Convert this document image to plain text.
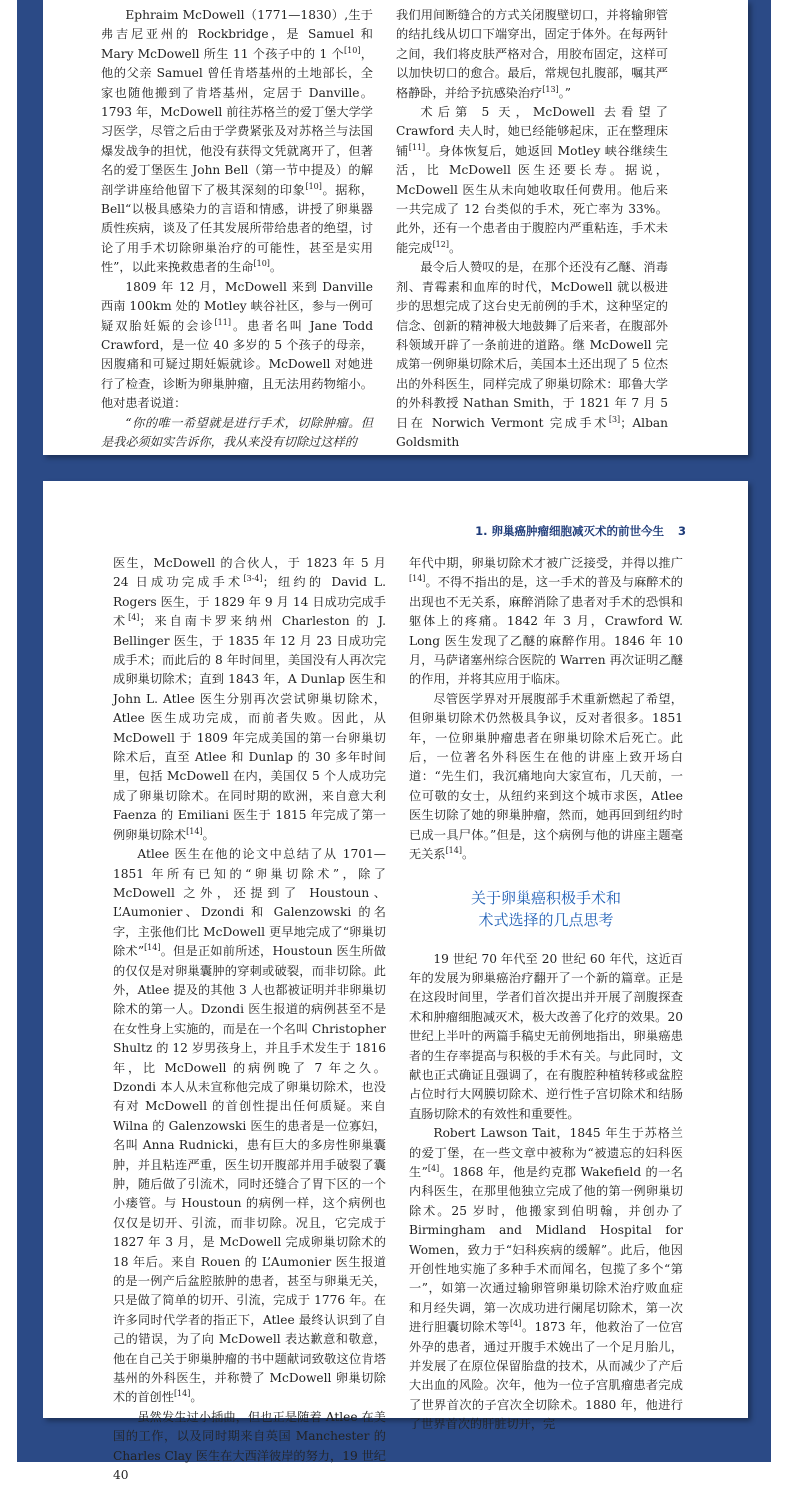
Ephraim McDowell（1771—1830）,生于弗吉尼亚州的 Rockbridge，是 Samuel 和 Mary McDowell 所生 11 个孩子中的 1 个[10]，他的父亲 Samuel 曾任肯塔基州的土地部长，全家也随他搬到了肯塔基州，定居于 Danville。1793 年，McDowell 前往苏格兰的爱丁堡大学学习医学，尽管之后由于学费紧张及对苏格兰与法国爆发战争的担忧，他没有获得文凭就离开了，但著名的爱丁堡医生 John Bell（第一节中提及）的解剖学讲座给他留下了极其深刻的印象[10]。据称，Bell“以极具感染力的言语和情感，讲授了卵巢器质性疾病，谈及了任其发展所带给患者的绝望，讨论了用手术切除卵巢治疗的可能性，甚至是实用性”，以此来挽救患者的生命[10]。

1809 年 12 月，McDowell 来到 Danville 西南 100km 处的 Motley 峡谷社区，参与一例可疑双胎妊娠的会诊[11]。患者名叫 Jane Todd Crawford，是一位 40 多岁的 5 个孩子的母亲，因腹痛和可疑过期妊娠就诊。McDowell 对她进行了检查，诊断为卵巢肿瘤，且无法用药物缩小。他对患者说道：

“你的唯一希望就是进行手术，切除肿瘤。但是我必须如实告诉你，我从来没有切除过这样的

我们用间断缝合的方式关闭腹壁切口，并将输卵管的结扎线从切口下端穿出，固定于体外。在每两针之间，我们将皮肤严格对合，用胶布固定，这样可以加快切口的愈合。最后，常规包扎腹部，嘱其严格静卧，并给予抗感染治疗[13]。”

术后第 5 天，McDowell 去看望了 Crawford 夫人时，她已经能够起床，正在整理床铺[11]。身体恢复后，她返回 Motley 峡谷继续生活，比 McDowell 医生还要长寿。据说，McDowell 医生从未向她收取任何费用。他后来一共完成了 12 台类似的手术，死亡率为 33%。此外，还有一个患者由于腹腔内严重粘连，手术未能完成[12]。

最令后人赞叹的是，在那个还没有乙醚、消毒剂、青霉素和血库的时代，McDowell 就以极进步的思想完成了这台史无前例的手术，这种坚定的信念、创新的精神极大地鼓舞了后来者，在腹部外科领域开辟了一条前进的道路。继 McDowell 完成第一例卵巢切除术后，美国本土还出现了 5 位杰出的外科医生，同样完成了卵巢切除术：耶鲁大学的外科教授 Nathan Smith，于 1821 年 7 月 5 日在 Norwich Vermont 完成手术[3]；Alban Goldsmith

1. 卵巢癌肿瘤细胞减灭术的前世今生 3

医生，McDowell 的合伙人，于 1823 年 5 月 24 日成功完成手术[3-4]；纽约的 David L. Rogers 医生，于 1829 年 9 月 14 日成功完成手术[4]；来自南卡罗来纳州 Charleston 的 J. Bellinger 医生，于 1835 年 12 月 23 日成功完成手术；而此后的 8 年时间里，美国没有人再次完成卵巢切除术；直到 1843 年，A Dunlap 医生和 John L. Atlee 医生分别再次尝试卵巢切除术，Atlee 医生成功完成，而前者失败。因此，从 McDowell 于 1809 年完成美国的第一台卵巢切除术后，直至 Atlee 和 Dunlap 的 30 多年时间里，包括 McDowell 在内，美国仅 5 个人成功完成了卵巢切除术。在同时期的欧洲，来自意大利 Faenza 的 Emiliani 医生于 1815 年完成了第一例卵巢切除术[14]。

Atlee 医生在他的论文中总结了从 1701—1851 年所有已知的“卵巢切除术”，除了 McDowell 之外，还提到了 Houstoun、L’Aumonier、Dzondi 和 Galenzowski 的名字，主张他们比 McDowell 更早地完成了“卵巢切除术”[14]。但是正如前所述，Houstoun 医生所做的仅仅是对卵巢囊肿的穿刺或破裂，而非切除。此外，Atlee 提及的其他 3 人也都被证明并非卵巢切除术的第一人。Dzondi 医生报道的病例甚至不是在女性身上实施的，而是在一个名叫 Christopher Shultz 的 12 岁男孩身上，并且手术发生于 1816 年，比 McDowell 的病例晚了 7 年之久。Dzondi 本人从未宣称他完成了卵巢切除术，也没有对 McDowell 的首创性提出任何质疑。来自 Wilna 的 Galenzowski 医生的患者是一位寡妇，名叫 Anna Rudnicki，患有巨大的多房性卵巢囊肿，并且粘连严重，医生切开腹部并用手破裂了囊肿，随后做了引流术，同时还缝合了胃下区的一个小瘘管。与 Houstoun 的病例一样，这个病例也仅仅是切开、引流，而非切除。况且，它完成于 1827 年 3 月，是 McDowell 完成卵巢切除术的 18 年后。来自 Rouen 的 L’Aumonier 医生报道的是一例产后盆腔脓肿的患者，甚至与卵巢无关，只是做了简单的切开、引流，完成于 1776 年。在许多同时代学者的指正下，Atlee 最终认识到了自己的错误，为了向 McDowell 表达歉意和敬意，他在自己关于卵巢肿瘤的书中题献词致敬这位肯塔基州的外科医生，并称赞了 McDowell 卵巢切除术的首创性[14]。

虽然发生过小插曲，但也正是随着 Atlee 在美国的工作，以及同时期来自英国 Manchester 的 Charles Clay 医生在大西洋彼岸的努力，19 世纪 40

年代中期，卵巢切除术才被广泛接受，并得以推广[14]。不得不指出的是，这一手术的普及与麻醉术的出现也不无关系，麻醉消除了患者对手术的恐惧和躯体上的疼痛。1842 年 3 月，Crawford W. Long 医生发现了乙醚的麻醉作用。1846 年 10 月，马萨诸塞州综合医院的 Warren 再次证明乙醚的作用，并将其应用于临床。

尽管医学界对开展腹部手术重新燃起了希望，但卵巢切除术仍然极具争议，反对者很多。1851 年，一位卵巢肿瘤患者在卵巢切除术后死亡。此后，一位著名外科医生在他的讲座上致开场白道：“先生们，我沉痛地向大家宣布，几天前，一位可敬的女士，从纽约来到这个城市求医，Atlee 医生切除了她的卵巢肿瘤，然而，她再回到纽约时已成一具尸体。”但是，这个病例与他的讲座主题毫无关系[14]。

关于卵巢癌积极手术和
术式选择的几点思考

19 世纪 70 年代至 20 世纪 60 年代，这近百年的发展为卵巢癌治疗翻开了一个新的篇章。正是在这段时间里，学者们首次提出并开展了剖腹探查术和肿瘤细胞减灭术，极大改善了化疗的效果。20 世纪上半叶的两篇手稿史无前例地指出，卵巢癌患者的生存率提高与积极的手术有关。与此同时，文献也正式确证且强调了，在有腹腔种植转移或盆腔占位时行大网膜切除术、逆行性子宫切除术和结肠直肠切除术的有效性和重要性。

Robert Lawson Tait，1845 年生于苏格兰的爱丁堡，在一些文章中被称为“被遗忘的妇科医生”[4]。1868 年，他是约克郡 Wakefield 的一名内科医生，在那里他独立完成了他的第一例卵巢切除术。25 岁时，他搬家到伯明翰，并创办了 Birmingham and Midland Hospital for Women，致力于“妇科疾病的缓解”。此后，他因开创性地实施了多种手术而闻名，包揽了多个“第一”，如第一次通过输卵管卵巢切除术治疗败血症和月经失调，第一次成功进行阑尾切除术，第一次进行胆囊切除术等[4]。1873 年，他救治了一位宫外孕的患者，通过开腹手术娩出了一个足月胎儿，并发展了在原位保留胎盘的技术，从而减少了产后大出血的风险。次年，他为一位子宫肌瘤患者完成了世界首次的子宫次全切除术。1880 年，他进行了世界首次的肝脏切开，完
